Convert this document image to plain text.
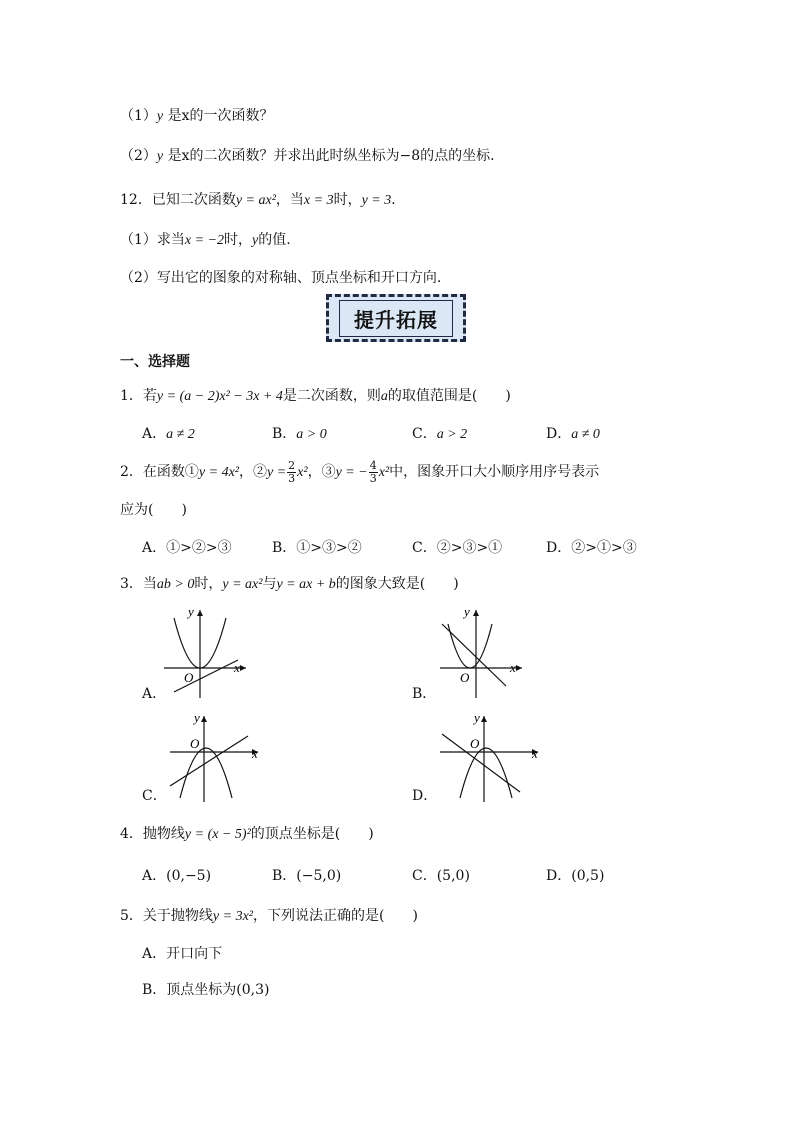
（1）y 是x的一次函数？
（2）y 是x的二次函数？并求出此时纵坐标为−8的点的坐标.
12．已知二次函数y = ax²，当x = 3时，y = 3．
（1）求当x = −2时，y的值.
（2）写出它的图象的对称轴、顶点坐标和开口方向.
提升拓展
一、选择题
1．若y = (a − 2)x² − 3x + 4是二次函数，则a的取值范围是(　　)
A．a ≠ 2	B．a > 0	C．a > 2	D．a ≠ 0
2．在函数①y = 4x²，②y = $\frac{2}{3} x^2$，③y = − $\frac{4}{3} x^2$中，图象开口大小顺序用序号表示
应为(　　)
A．①>②>③	B．①>③>②	C．②>③>①	D．②>①>③
3．当ab > 0时，y = ax²与y = ax + b的图象大致是(　　)
A．
x
y
O
B．
x
y
O
C．
x
y
O
D．
x
y
O
4．抛物线y = (x − 5)²的顶点坐标是(　　)
A．(0,−5)	B．(−5,0)	C．(5,0)	D．(0,5)
5．关于抛物线y = 3x²，下列说法正确的是(　　)
A．开口向下
B．顶点坐标为(0,3)
